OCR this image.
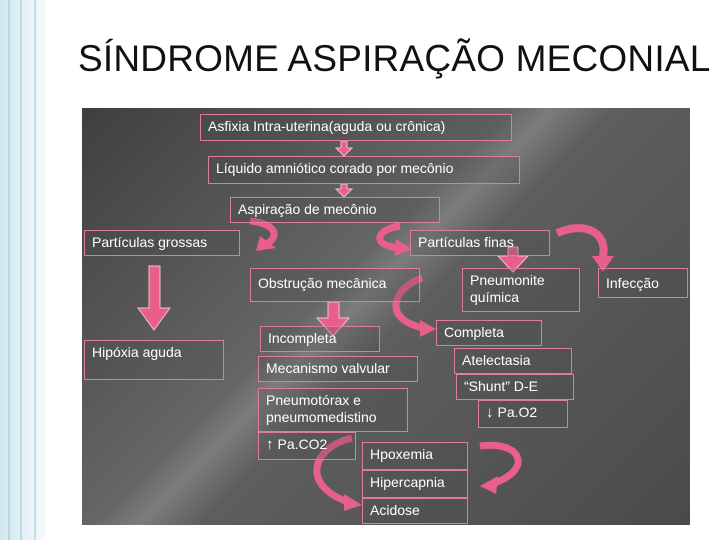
SÍNDROME ASPIRAÇÃO MECONIAL
Asfixia Intra-uterina(aguda ou crônica)
Líquido amniótico corado por mecônio
Aspiração de mecônio
Partículas grossas	Partículas finas
Obstrução mecânica	Pneumonite
química
Infecção
Hipóxia aguda
Incompleta	Completa
Mecanismo valvular	Atelectasia
“Shunt” D-E
Pneumotórax e
pneumomedistino	↓ Pa.O2
↑ Pa.CO2
Hpoxemia
Hipercapnia
Acidose
